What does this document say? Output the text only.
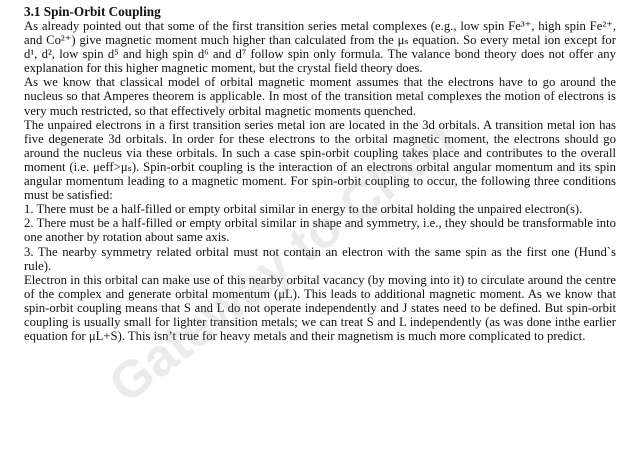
Gateway to Chemistry
3.1 Spin-Orbit Coupling

As already pointed out that some of the first transition series metal complexes (e.g., low spin Fe³⁺, high spin Fe²⁺, and Co²⁺) give magnetic moment much higher than calculated from the μₛ equation. So every metal ion except for d¹, d², low spin d⁵ and high spin d⁶ and d⁷ follow spin only formula. The valance bond theory does not offer any explanation for this higher magnetic moment, but the crystal field theory does.

As we know that classical model of orbital magnetic moment assumes that the electrons have to go around the nucleus so that Amperes theorem is applicable. In most of the transition metal complexes the motion of electrons is very much restricted, so that effectively orbital magnetic moments quenched.

The unpaired electrons in a first transition series metal ion are located in the 3d orbitals. A transition metal ion has five degenerate 3d orbitals. In order for these electrons to the orbital magnetic moment, the electrons should go around the nucleus via these orbitals. In such a case spin-orbit coupling takes place and contributes to the overall moment (i.e. μeff>μₛ). Spin-orbit coupling is the interaction of an electrons orbital angular momentum and its spin angular momentum leading to a magnetic moment. For spin-orbit coupling to occur, the following three conditions must be satisfied:

1. There must be a half-filled or empty orbital similar in energy to the orbital holding the unpaired electron(s).

2. There must be a half-filled or empty orbital similar in shape and symmetry, i.e., they should be transformable into one another by rotation about same axis.

3. The nearby symmetry related orbital must not contain an electron with the same spin as the first one (Hund`s rule).

Electron in this orbital can make use of this nearby orbital vacancy (by moving into it) to circulate around the centre of the complex and generate orbital momentum (μL). This leads to additional magnetic moment. As we know that spin-orbit coupling means that S and L do not operate independently and J states need to be defined. But spin-orbit coupling is usually small for lighter transition metals; we can treat S and L independently (as was done inthe earlier equation for μL+S). This isn’t true for heavy metals and their magnetism is much more complicated to predict.
